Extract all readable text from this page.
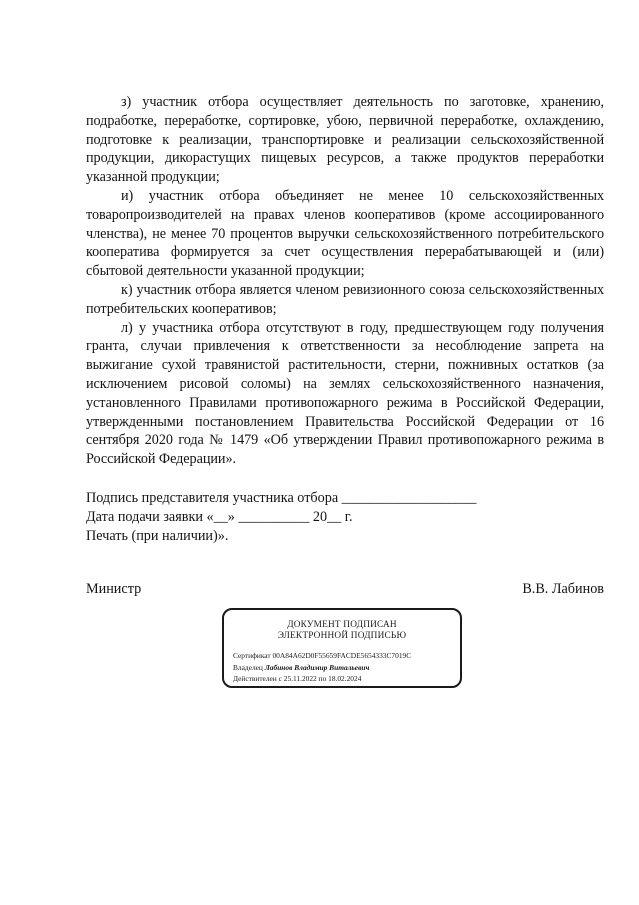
з) участник отбора осуществляет деятельность по заготовке, хранению, подработке, переработке, сортировке, убою, первичной переработке, охлаждению, подготовке к реализации, транспортировке и реализации сельскохозяйственной продукции, дикорастущих пищевых ресурсов, а также продуктов переработки указанной продукции;

и) участник отбора объединяет не менее 10 сельскохозяйственных товаропроизводителей на правах членов кооперативов (кроме ассоциированного членства), не менее 70 процентов выручки сельскохозяйственного потребительского кооператива формируется за счет осуществления перерабатывающей и (или) сбытовой деятельности указанной продукции;

к) участник отбора является членом ревизионного союза сельскохозяйственных потребительских кооперативов;

л) у участника отбора отсутствуют в году, предшествующем году получения гранта, случаи привлечения к ответственности за несоблюдение запрета на выжигание сухой травянистой растительности, стерни, пожнивных остатков (за исключением рисовой соломы) на землях сельскохозяйственного назначения, установленного Правилами противопожарного режима в Российской Федерации, утвержденными постановлением Правительства Российской Федерации от 16 сентября 2020 года № 1479 «Об утверждении Правил противопожарного режима в Российской Федерации».

Подпись представителя участника отбора ___________________

Дата подачи заявки «__» __________ 20__ г.

Печать (при наличии)».

Министр	В.В. Лабинов
ДОКУМЕНТ ПОДПИСАН
ЭЛЕКТРОННОЙ ПОДПИСЬЮ
Сертификат 00A84A62D0F55659FACDE5654333C7019C
Владелец Лабинов Владимир Витальевич
Действителен с 25.11.2022 по 18.02.2024
